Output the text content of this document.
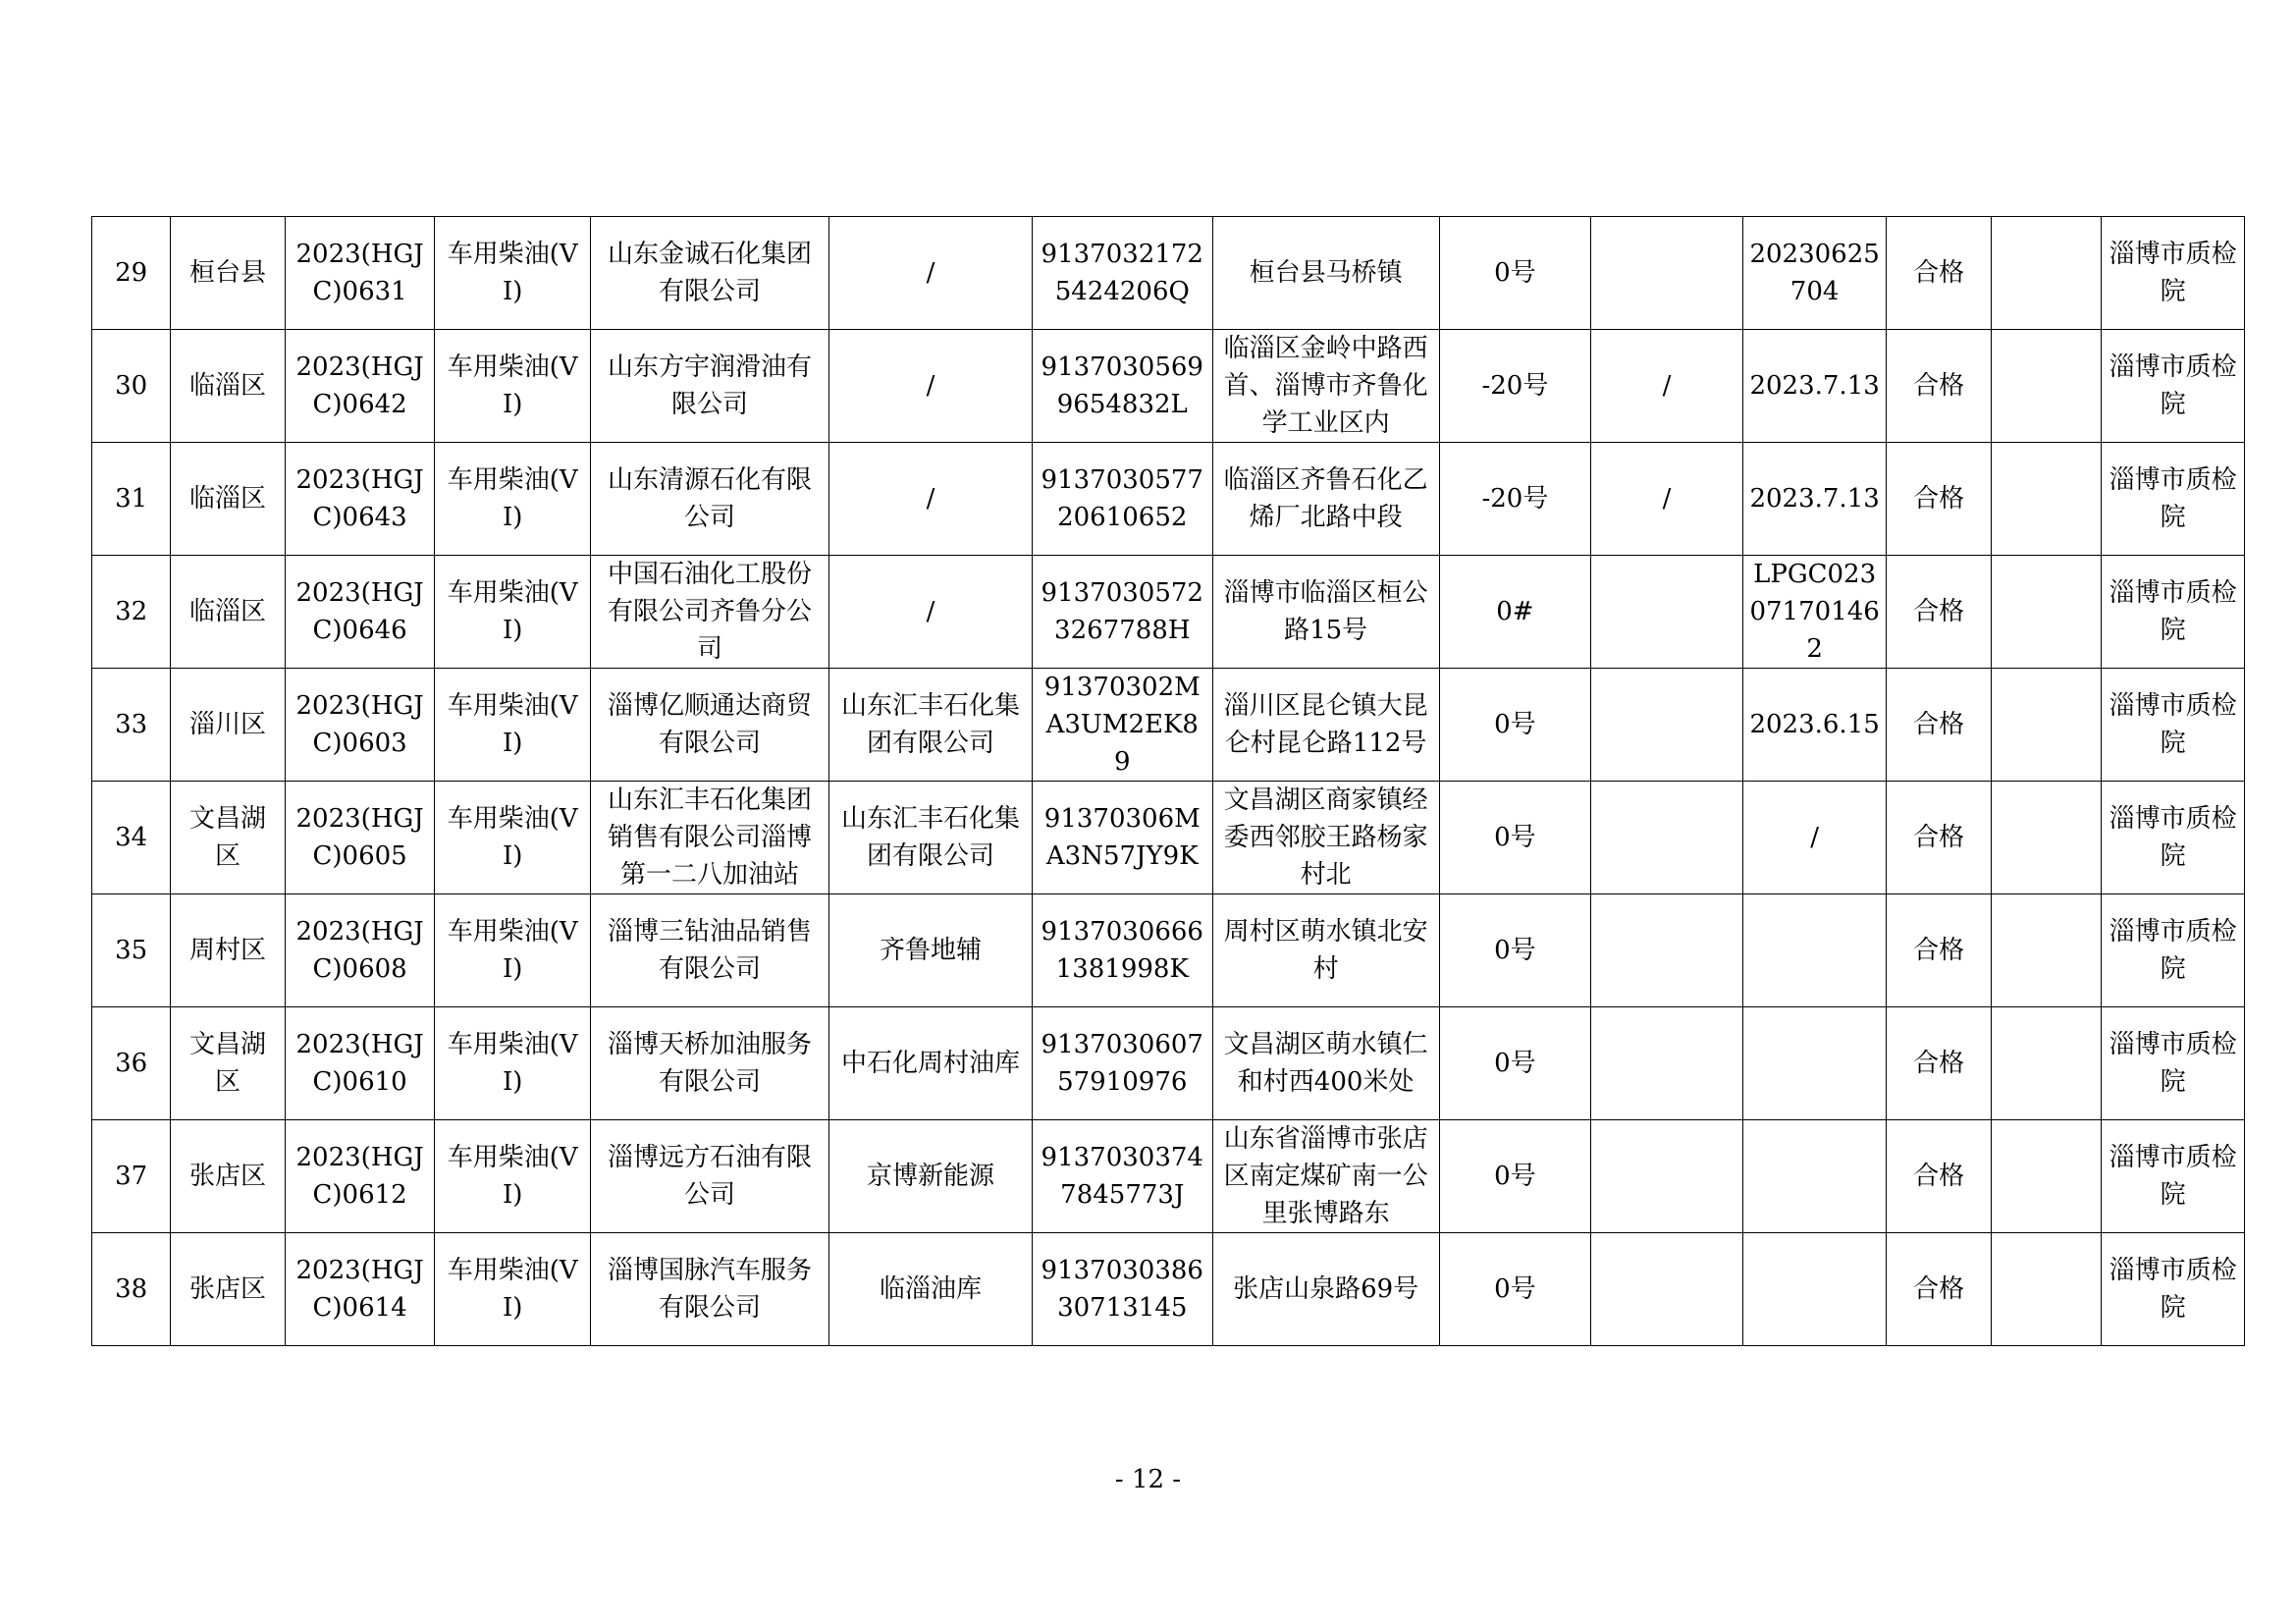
29	桓台县	2023(HGJC)0631	车用柴油(VI)	山东金诚石化集团有限公司	/	91370321725424206Q	桓台县马桥镇	0号		20230625704	合格		淄博市质检院
30	临淄区	2023(HGJC)0642	车用柴油(VI)	山东方宇润滑油有限公司	/	91370305699654832L	临淄区金岭中路西首、淄博市齐鲁化学工业区内	-20号	/	2023.7.13	合格		淄博市质检院
31	临淄区	2023(HGJC)0643	车用柴油(VI)	山东清源石化有限公司	/	913703057720610652	临淄区齐鲁石化乙烯厂北路中段	-20号	/	2023.7.13	合格		淄博市质检院
32	临淄区	2023(HGJC)0646	车用柴油(VI)	中国石油化工股份有限公司齐鲁分公司	/	91370305723267788H	淄博市临淄区桓公路15号	0#		LPGC023071701462	合格		淄博市质检院
33	淄川区	2023(HGJC)0603	车用柴油(VI)	淄博亿顺通达商贸有限公司	山东汇丰石化集团有限公司	91370302MA3UM2EK89	淄川区昆仑镇大昆仑村昆仑路112号	0号		2023.6.15	合格		淄博市质检院
34	文昌湖区	2023(HGJC)0605	车用柴油(VI)	山东汇丰石化集团销售有限公司淄博第一二八加油站	山东汇丰石化集团有限公司	91370306MA3N57JY9K	文昌湖区商家镇经委西邻胶王路杨家村北	0号		/	合格		淄博市质检院
35	周村区	2023(HGJC)0608	车用柴油(VI)	淄博三钻油品销售有限公司	齐鲁地辅	91370306661381998K	周村区萌水镇北安村	0号			合格		淄博市质检院
36	文昌湖区	2023(HGJC)0610	车用柴油(VI)	淄博天桥加油服务有限公司	中石化周村油库	913703060757910976	文昌湖区萌水镇仁和村西400米处	0号			合格		淄博市质检院
37	张店区	2023(HGJC)0612	车用柴油(VI)	淄博远方石油有限公司	京博新能源	91370303747845773J	山东省淄博市张店区南定煤矿南一公里张博路东	0号			合格		淄博市质检院
38	张店区	2023(HGJC)0614	车用柴油(VI)	淄博国脉汽车服务有限公司	临淄油库	913703038630713145	张店山泉路69号	0号			合格		淄博市质检院
- 12 -
